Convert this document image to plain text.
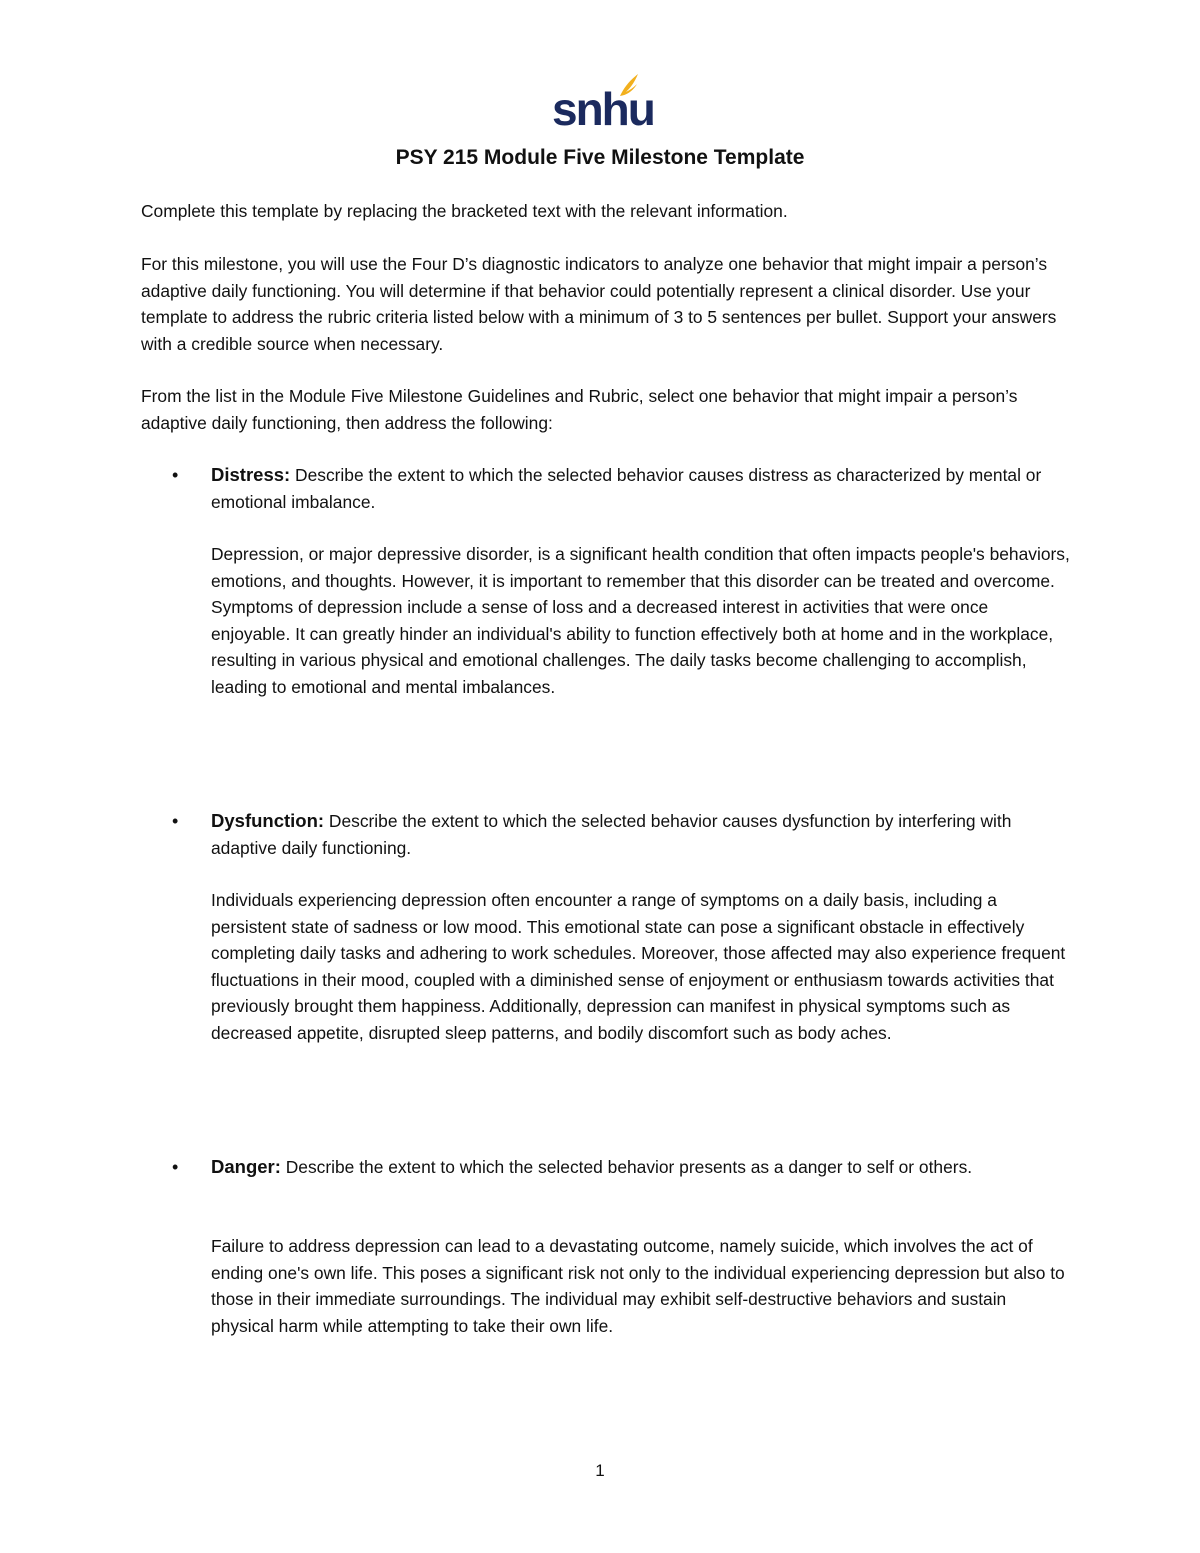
snhu
PSY 215 Module Five Milestone Template

Complete this template by replacing the bracketed text with the relevant information.

For this milestone, you will use the Four D’s diagnostic indicators to analyze one behavior that might impair a person’s adaptive daily functioning. You will determine if that behavior could potentially represent a clinical disorder. Use your template to address the rubric criteria listed below with a minimum of 3 to 5 sentences per bullet. Support your answers with a credible source when necessary.

From the list in the Module Five Milestone Guidelines and Rubric, select one behavior that might impair a person’s adaptive daily functioning, then address the following:

• Distress: Describe the extent to which the selected behavior causes distress as characterized by mental or emotional imbalance.

Depression, or major depressive disorder, is a significant health condition that often impacts people's behaviors, emotions, and thoughts. However, it is important to remember that this disorder can be treated and overcome. Symptoms of depression include a sense of loss and a decreased interest in activities that were once enjoyable. It can greatly hinder an individual's ability to function effectively both at home and in the workplace, resulting in various physical and emotional challenges. The daily tasks become challenging to accomplish, leading to emotional and mental imbalances.

• Dysfunction: Describe the extent to which the selected behavior causes dysfunction by interfering with adaptive daily functioning.

Individuals experiencing depression often encounter a range of symptoms on a daily basis, including a persistent state of sadness or low mood. This emotional state can pose a significant obstacle in effectively completing daily tasks and adhering to work schedules. Moreover, those affected may also experience frequent fluctuations in their mood, coupled with a diminished sense of enjoyment or enthusiasm towards activities that previously brought them happiness. Additionally, depression can manifest in physical symptoms such as decreased appetite, disrupted sleep patterns, and bodily discomfort such as body aches.

• Danger: Describe the extent to which the selected behavior presents as a danger to self or others.

Failure to address depression can lead to a devastating outcome, namely suicide, which involves the act of ending one's own life. This poses a significant risk not only to the individual experiencing depression but also to those in their immediate surroundings. The individual may exhibit self-destructive behaviors and sustain physical harm while attempting to take their own life.

1
